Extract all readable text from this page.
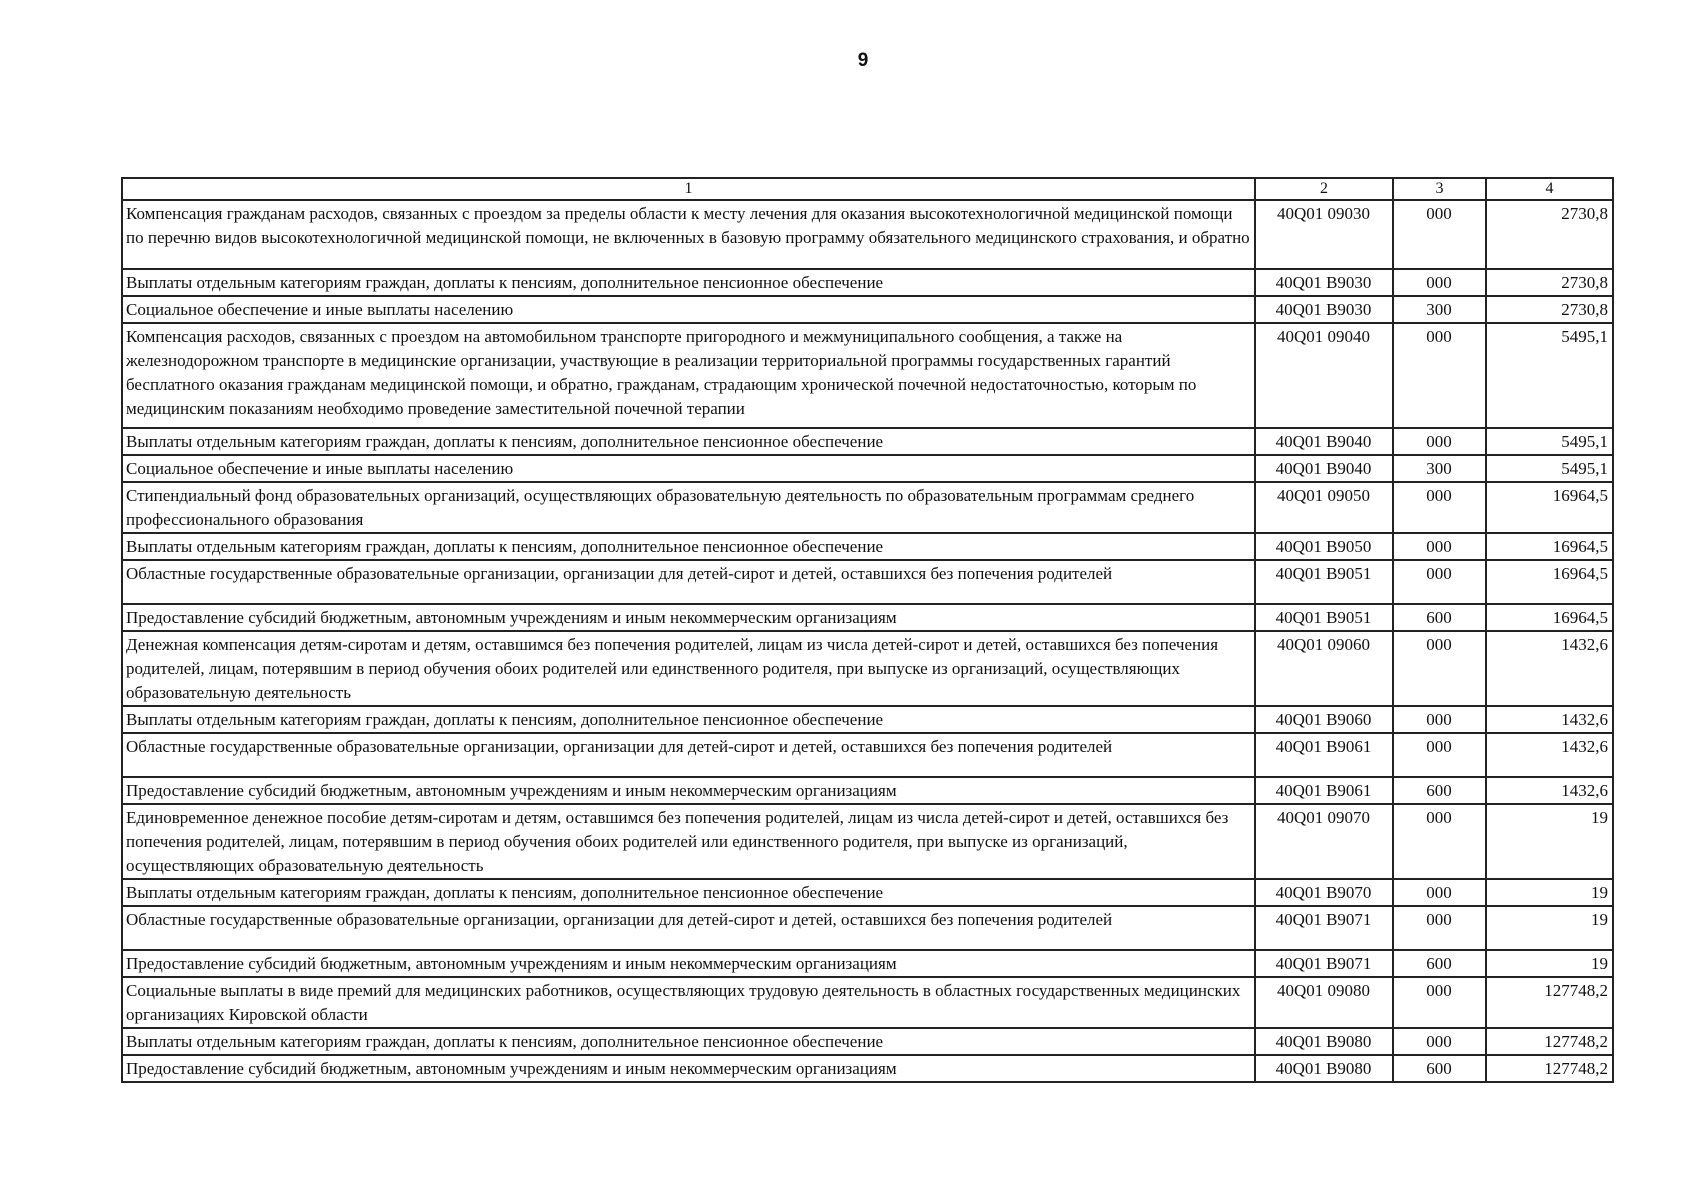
9
1	2	3	4
Компенсация гражданам расходов, связанных с проездом за пределы области к месту лечения для оказания высокотехнологичной медицинской помощи по перечню видов высокотехнологичной медицинской помощи, не включенных в базовую программу обязательного медицинского страхования, и обратно	40Q01 09030	000	2730,8
Выплаты отдельным категориям граждан, доплаты к пенсиям, дополнительное пенсионное обеспечение	40Q01 B9030	000	2730,8
Социальное обеспечение и иные выплаты населению	40Q01 B9030	300	2730,8
Компенсация расходов, связанных с проездом на автомобильном транспорте пригородного и межмуниципального сообщения, а также на железнодорожном транспорте в медицинские организации, участвующие в реализации территориальной программы государственных гарантий бесплатного оказания гражданам медицинской помощи, и обратно, гражданам, страдающим хронической почечной недостаточностью, которым по медицинским показаниям необходимо проведение заместительной почечной терапии	40Q01 09040	000	5495,1
Выплаты отдельным категориям граждан, доплаты к пенсиям, дополнительное пенсионное обеспечение	40Q01 B9040	000	5495,1
Социальное обеспечение и иные выплаты населению	40Q01 B9040	300	5495,1
Стипендиальный фонд образовательных организаций, осуществляющих образовательную деятельность по образовательным программам среднего профессионального образования	40Q01 09050	000	16964,5
Выплаты отдельным категориям граждан, доплаты к пенсиям, дополнительное пенсионное обеспечение	40Q01 B9050	000	16964,5
Областные государственные образовательные организации, организации для детей-сирот и детей, оставшихся без попечения родителей	40Q01 B9051	000	16964,5
Предоставление субсидий бюджетным, автономным учреждениям и иным некоммерческим организациям	40Q01 B9051	600	16964,5
Денежная компенсация детям-сиротам и детям, оставшимся без попечения родителей, лицам из числа детей-сирот и детей, оставшихся без попечения родителей, лицам, потерявшим в период обучения обоих родителей или единственного родителя, при выпуске из организаций, осуществляющих образовательную деятельность	40Q01 09060	000	1432,6
Выплаты отдельным категориям граждан, доплаты к пенсиям, дополнительное пенсионное обеспечение	40Q01 B9060	000	1432,6
Областные государственные образовательные организации, организации для детей-сирот и детей, оставшихся без попечения родителей	40Q01 B9061	000	1432,6
Предоставление субсидий бюджетным, автономным учреждениям и иным некоммерческим организациям	40Q01 B9061	600	1432,6
Единовременное денежное пособие детям-сиротам и детям, оставшимся без попечения родителей, лицам из числа детей-сирот и детей, оставшихся без попечения родителей, лицам, потерявшим в период обучения обоих родителей или единственного родителя, при выпуске из организаций, осуществляющих образовательную деятельность	40Q01 09070	000	19
Выплаты отдельным категориям граждан, доплаты к пенсиям, дополнительное пенсионное обеспечение	40Q01 B9070	000	19
Областные государственные образовательные организации, организации для детей-сирот и детей, оставшихся без попечения родителей	40Q01 B9071	000	19
Предоставление субсидий бюджетным, автономным учреждениям и иным некоммерческим организациям	40Q01 B9071	600	19
Социальные выплаты в виде премий для медицинских работников, осуществляющих трудовую деятельность в областных государственных медицинских организациях Кировской области	40Q01 09080	000	127748,2
Выплаты отдельным категориям граждан, доплаты к пенсиям, дополнительное пенсионное обеспечение	40Q01 B9080	000	127748,2
Предоставление субсидий бюджетным, автономным учреждениям и иным некоммерческим организациям	40Q01 B9080	600	127748,2
